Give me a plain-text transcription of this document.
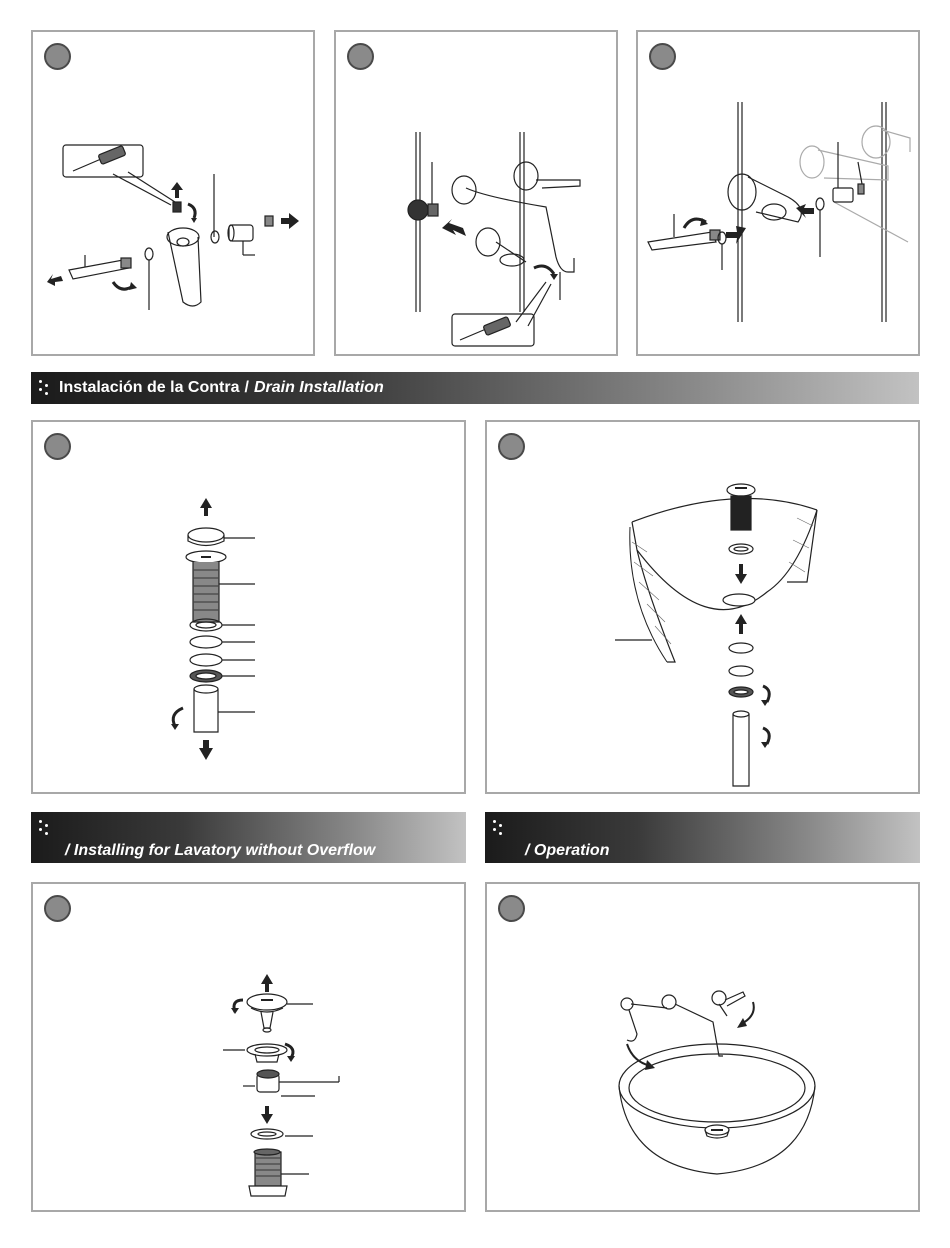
Instalación de la Contra / Drain Installation
/ Installing for Lavatory without Overflow	/ Operation
